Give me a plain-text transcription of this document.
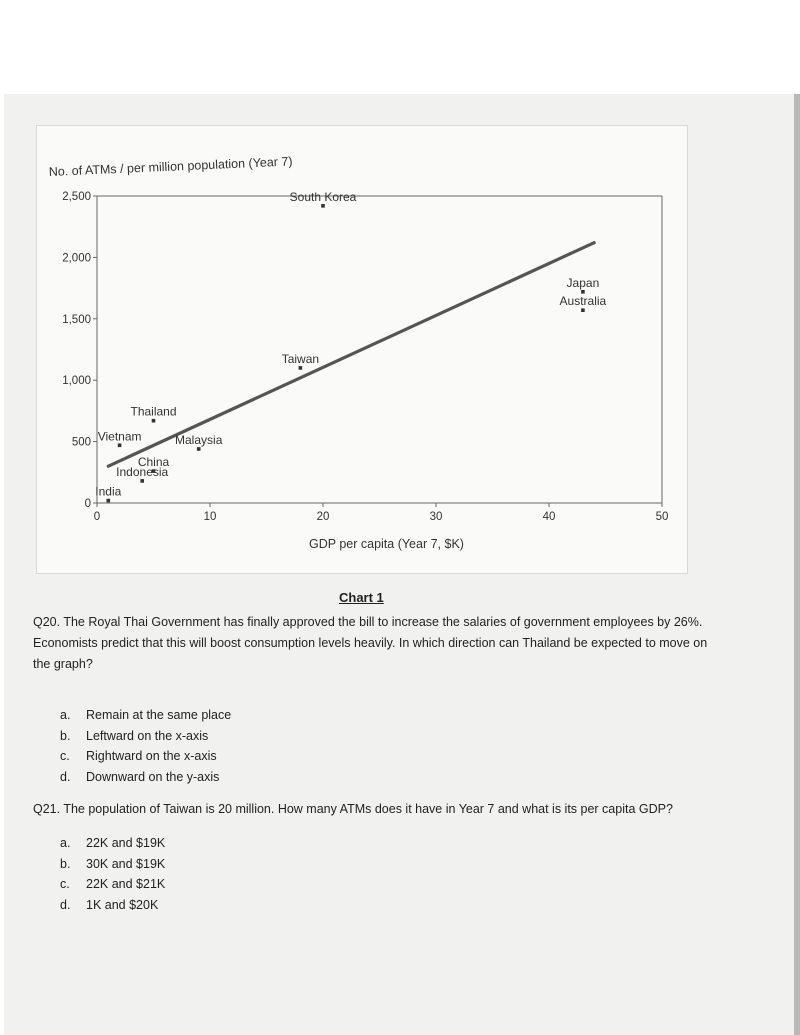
No. of ATMs / per million population (Year 7)
GDP per capita (Year 7, $K)
0
500
1,000
1,500
2,000
2,500
0	10	20	30	40	50
South Korea
Japan
Australia
Taiwan
Thailand
Vietnam	Malaysia
China
Indonesia
India
Chart 1
Q20. The Royal Thai Government has finally approved the bill to increase the salaries of government employees by 26%. Economists predict that this will boost consumption levels heavily. In which direction can Thailand be expected to move on the graph?
a.	Remain at the same place
b.	Leftward on the x-axis
c.	Rightward on the x-axis
d.	Downward on the y-axis
Q21. The population of Taiwan is 20 million. How many ATMs does it have in Year 7 and what is its per capita GDP?
a.	22K and $19K
b.	30K and $19K
c.	22K and $21K
d.	1K and $20K
